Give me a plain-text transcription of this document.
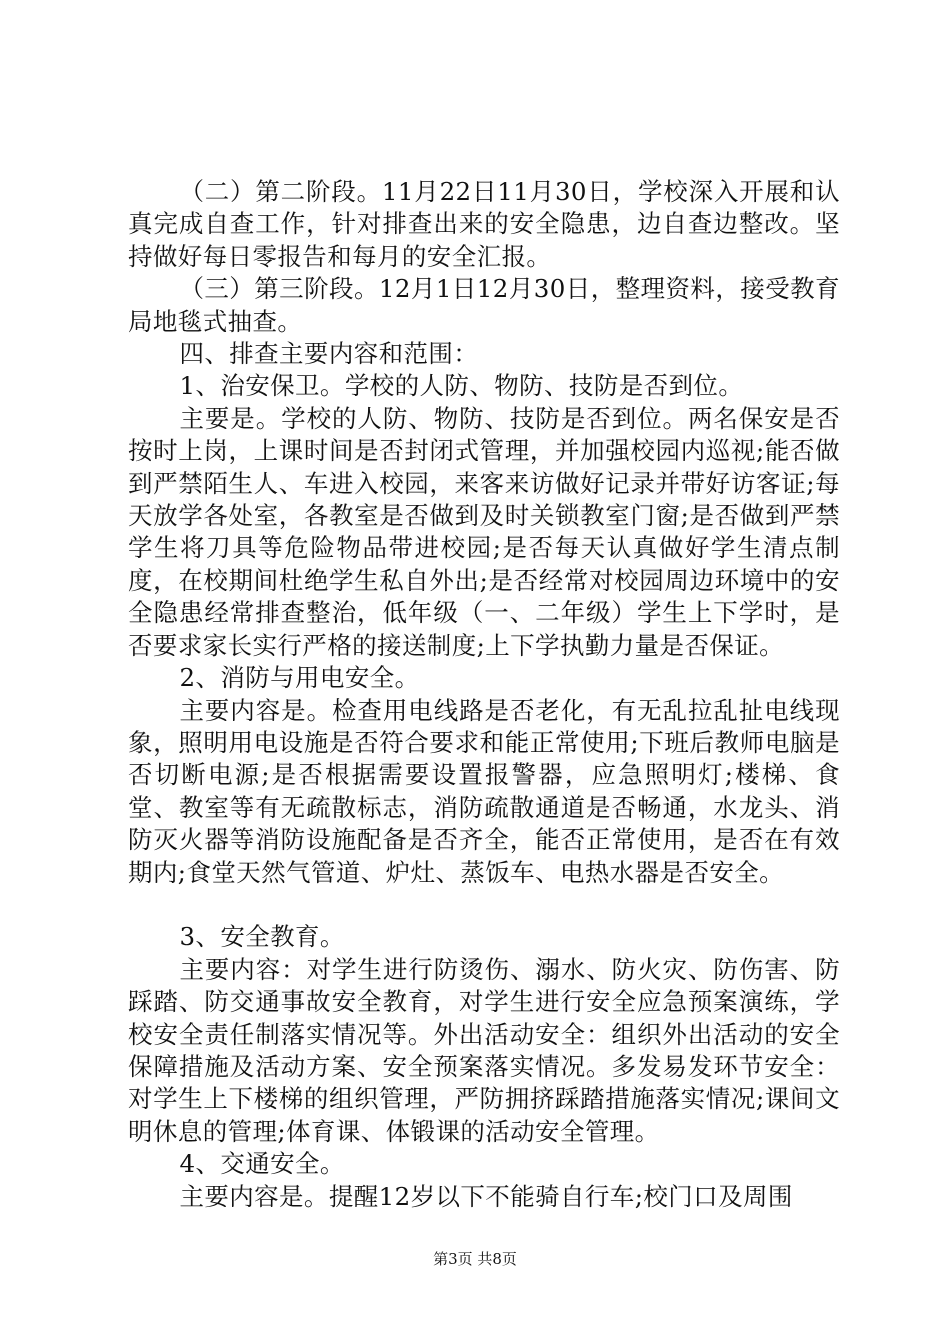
（二）第二阶段。11月22日11月30日，学校深入开展和认真完成自查工作，针对排查出来的安全隐患，边自查边整改。坚持做好每日零报告和每月的安全汇报。

（三）第三阶段。12月1日12月30日，整理资料，接受教育局地毯式抽查。

四、排查主要内容和范围：

1、治安保卫。学校的人防、物防、技防是否到位。

主要是。学校的人防、物防、技防是否到位。两名保安是否按时上岗，上课时间是否封闭式管理，并加强校园内巡视;能否做到严禁陌生人、车进入校园，来客来访做好记录并带好访客证;每天放学各处室，各教室是否做到及时关锁教室门窗;是否做到严禁学生将刀具等危险物品带进校园;是否每天认真做好学生清点制度，在校期间杜绝学生私自外出;是否经常对校园周边环境中的安全隐患经常排查整治，低年级（一、二年级）学生上下学时，是否要求家长实行严格的接送制度;上下学执勤力量是否保证。

2、消防与用电安全。

主要内容是。检查用电线路是否老化，有无乱拉乱扯电线现象，照明用电设施是否符合要求和能正常使用;下班后教师电脑是否切断电源;是否根据需要设置报警器，应急照明灯;楼梯、食堂、教室等有无疏散标志，消防疏散通道是否畅通，水龙头、消防灭火器等消防设施配备是否齐全，能否正常使用，是否在有效期内;食堂天然气管道、炉灶、蒸饭车、电热水器是否安全。

3、安全教育。

主要内容：对学生进行防烫伤、溺水、防火灾、防伤害、防踩踏、防交通事故安全教育，对学生进行安全应急预案演练，学校安全责任制落实情况等。外出活动安全：组织外出活动的安全保障措施及活动方案、安全预案落实情况。多发易发环节安全：对学生上下楼梯的组织管理，严防拥挤踩踏措施落实情况;课间文明休息的管理;体育课、体锻课的活动安全管理。

4、交通安全。

主要内容是。提醒12岁以下不能骑自行车;校门口及周围

第3页 共8页
